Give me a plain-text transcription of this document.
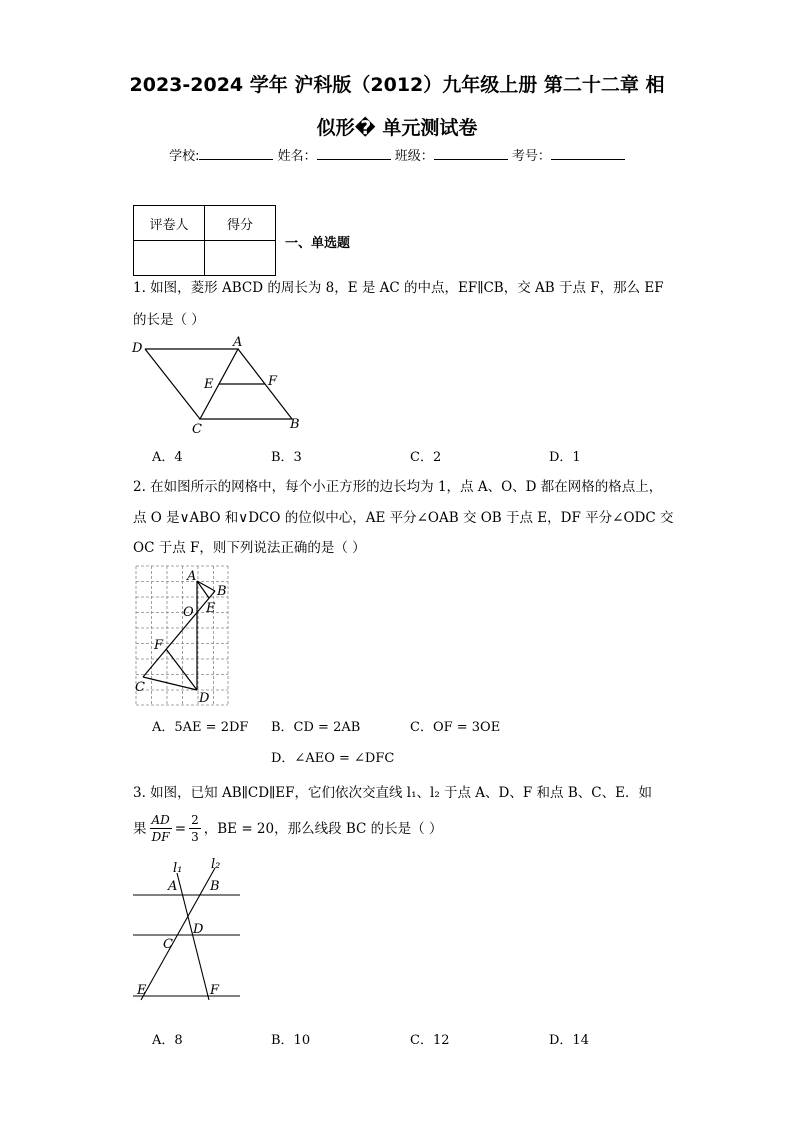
2023-2024 学年 沪科版（2012）九年级上册 第二十二章 相
似形� 单元测试卷
学校:	姓名：	班级：	考号：
评卷人	得分

一、单选题
1. 如图，菱形 ABCD 的周长为 8，E 是 AC 的中点，EF∥CB，交 AB 于点 F，那么 EF
的长是（ ）
D	A
E	F
C	B
A．4	B．3	C．2	D．1
2. 在如图所示的网格中，每个小正方形的边长均为 1，点 A、O、D 都在网格的格点上，
点 O 是∨ABO 和∨DCO 的位似中心，AE 平分∠OAB 交 OB 于点 E，DF 平分∠ODC 交
OC 于点 F，则下列说法正确的是（ ）
A
B
O E
F
C
D
A．5AE = 2DF B．CD = 2AB	C．OF = 3OE
D．∠AEO = ∠DFC
3. 如图，已知 AB∥CD∥EF，它们依次交直线 l₁、l₂ 于点 A、D、F 和点 B、C、E．如
果 $\frac{AD}{DF} = \frac{2}{3}$ ，BE = 20，那么线段 BC 的长是（ ）
l₁ l₂
A	B
D
C
E	F
A．8	B．10	C．12	D．14
